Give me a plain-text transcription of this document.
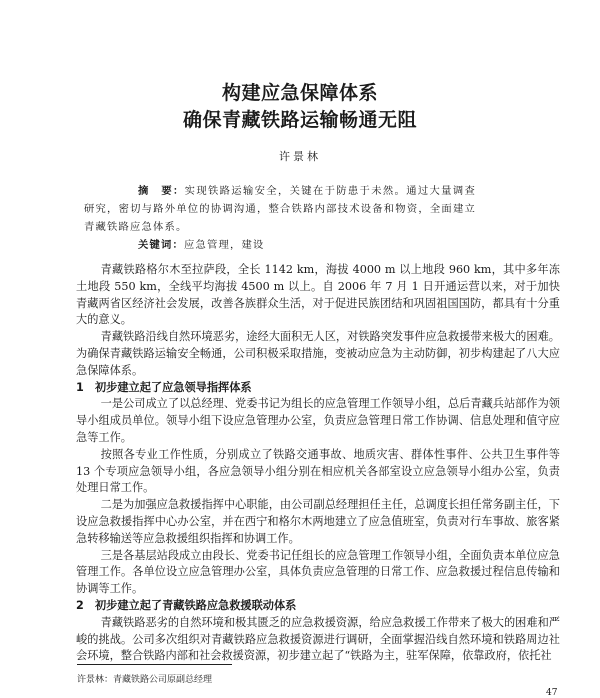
构建应急保障体系
确保青藏铁路运输畅通无阻
许景林
摘　要：实现铁路运输安全，关键在于防患于未然。通过大量调查研究，密切与路外单位的协调沟通，整合铁路内部技术设备和物资，全面建立青藏铁路应急体系。
关键词：应急管理，建设

青藏铁路格尔木至拉萨段，全长 1142 km，海拔 4000 m 以上地段 960 km，其中多年冻土地段 550 km，全线平均海拔 4500 m 以上。自 2006 年 7 月 1 日开通运营以来，对于加快青藏两省区经济社会发展，改善各族群众生活，对于促进民族团结和巩固祖国国防，都具有十分重大的意义。

青藏铁路沿线自然环境恶劣，途经大面积无人区，对铁路突发事件应急救援带来极大的困难。为确保青藏铁路运输安全畅通，公司积极采取措施，变被动应急为主动防御，初步构建起了八大应急保障体系。

1　初步建立起了应急领导指挥体系

一是公司成立了以总经理、党委书记为组长的应急管理工作领导小组，总后青藏兵站部作为领导小组成员单位。领导小组下设应急管理办公室，负责应急管理日常工作协调、信息处理和值守应急等工作。

按照各专业工作性质，分别成立了铁路交通事故、地质灾害、群体性事件、公共卫生事件等 13 个专项应急领导小组，各应急领导小组分别在相应机关各部室设立应急领导小组办公室，负责处理日常工作。

二是为加强应急救援指挥中心职能，由公司副总经理担任主任，总调度长担任常务副主任，下设应急救援指挥中心办公室，并在西宁和格尔木两地建立了应急值班室，负责对行车事故、旅客紧急转移输送等应急救援组织指挥和协调工作。

三是各基层站段成立由段长、党委书记任组长的应急管理工作领导小组，全面负责本单位应急管理工作。各单位设立应急管理办公室，具体负责应急管理的日常工作、应急救援过程信息传输和协调等工作。

2　初步建立起了青藏铁路应急救援联动体系

青藏铁路恶劣的自然环境和极其匮乏的应急救援资源，给应急救援工作带来了极大的困难和严峻的挑战。公司多次组织对青藏铁路应急救援资源进行调研，全面掌握沿线自然环境和铁路周边社会环境，整合铁路内部和社会救援资源，初步建立起了“铁路为主，驻军保障，依靠政府，依托社

许景林：青藏铁路公司原副总经理
47
